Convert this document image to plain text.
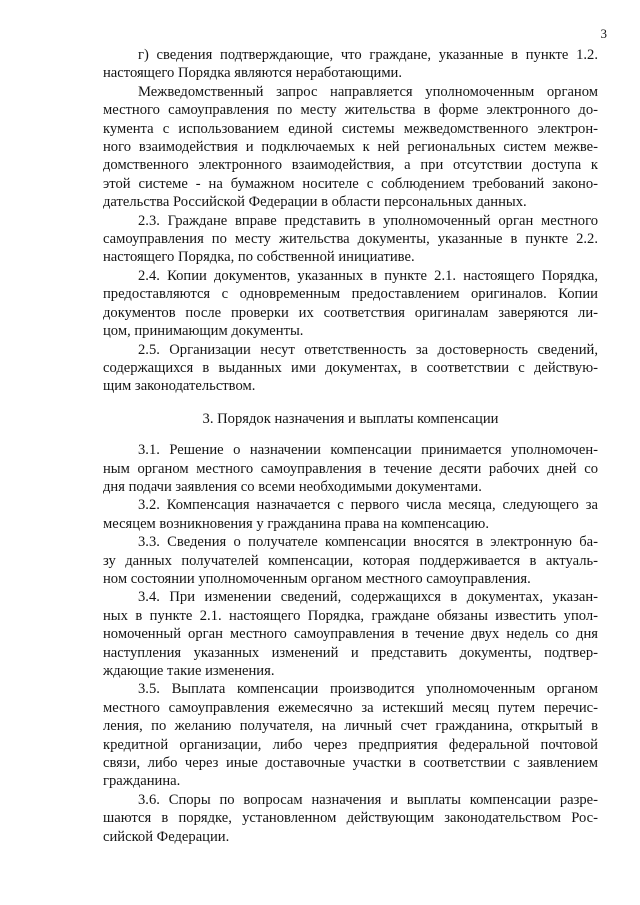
3

г) сведения подтверждающие, что граждане, указанные в пункте 1.2.
настоящего Порядка являются неработающими.

Межведомственный запрос направляется уполномоченным органом
местного самоуправления по месту жительства в форме электронного до-
кумента с использованием единой системы межведомственного электрон-
ного взаимодействия и подключаемых к ней региональных систем межве-
домственного электронного взаимодействия, а при отсутствии доступа к
этой системе - на бумажном носителе с соблюдением требований законо-
дательства Российской Федерации в области персональных данных.

2.3. Граждане вправе представить в уполномоченный орган местного
самоуправления по месту жительства документы, указанные в пункте 2.2.
настоящего Порядка, по собственной инициативе.

2.4. Копии документов, указанных в пункте 2.1. настоящего Порядка,
предоставляются с одновременным предоставлением оригиналов. Копии
документов после проверки их соответствия оригиналам заверяются ли-
цом, принимающим документы.

2.5. Организации несут ответственность за достоверность сведений,
содержащихся в выданных ими документах, в соответствии с действую-
щим законодательством.

3. Порядок назначения и выплаты компенсации

3.1. Решение о назначении компенсации принимается уполномочен-
ным органом местного самоуправления в течение десяти рабочих дней со
дня подачи заявления со всеми необходимыми документами.

3.2. Компенсация назначается с первого числа месяца, следующего за
месяцем возникновения у гражданина права на компенсацию.

3.3. Сведения о получателе компенсации вносятся в электронную ба-
зу данных получателей компенсации, которая поддерживается в актуаль-
ном состоянии уполномоченным органом местного самоуправления.

3.4. При изменении сведений, содержащихся в документах, указан-
ных в пункте 2.1. настоящего Порядка, граждане обязаны известить упол-
номоченный орган местного самоуправления в течение двух недель со дня
наступления указанных изменений и представить документы, подтвер-
ждающие такие изменения.

3.5. Выплата компенсации производится уполномоченным органом
местного самоуправления ежемесячно за истекший месяц путем перечис-
ления, по желанию получателя, на личный счет гражданина, открытый в
кредитной организации, либо через предприятия федеральной почтовой
связи, либо через иные доставочные участки в соответствии с заявлением
гражданина.

3.6. Споры по вопросам назначения и выплаты компенсации разре-
шаются в порядке, установленном действующим законодательством Рос-
сийской Федерации.
